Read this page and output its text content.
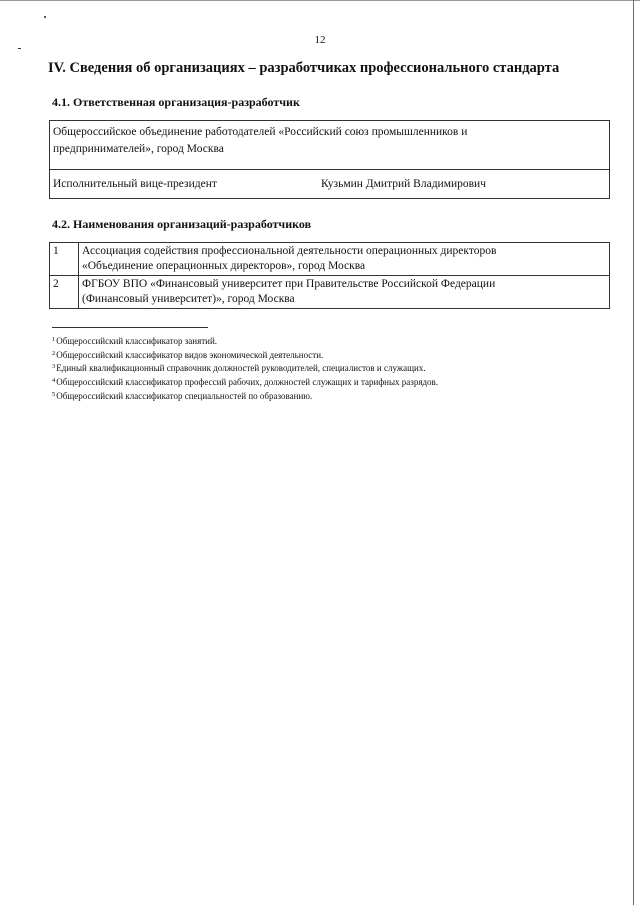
12
IV. Сведения об организациях – разработчиках профессионального стандарта
4.1. Ответственная организация-разработчик
Общероссийское объединение работодателей «Российский союз промышленников и
предпринимателей», город Москва
Исполнительный вице-президент	Кузьмин Дмитрий Владимирович
4.2. Наименования организаций-разработчиков
1	Ассоциация содействия профессиональной деятельности операционных директоров
«Объединение операционных директоров», город Москва

2	ФГБОУ ВПО «Финансовый университет при Правительстве Российской Федерации
(Финансовый университет)», город Москва
$^1$Общероссийский классификатор занятий.
$^2$Общероссийский классификатор видов экономической деятельности.
$^3$Единый квалификационный справочник должностей руководителей, специалистов и служащих.
$^4$Общероссийский классификатор профессий рабочих, должностей служащих и тарифных разрядов.
$^5$Общероссийский классификатор специальностей по образованию.
